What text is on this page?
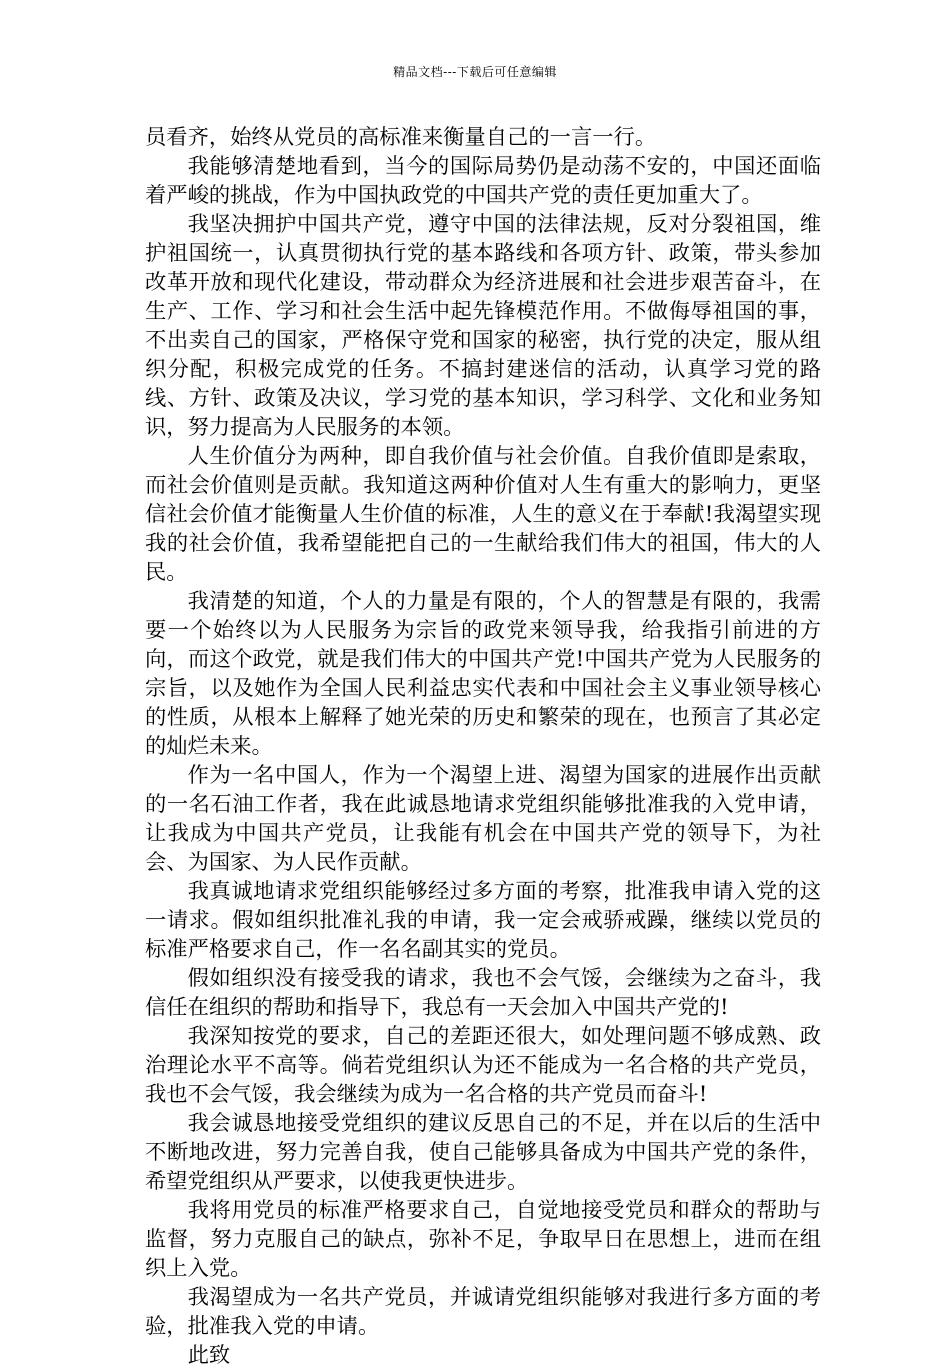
精品文档---下载后可任意编辑

员看齐，始终从党员的高标准来衡量自己的一言一行。

我能够清楚地看到，当今的国际局势仍是动荡不安的，中国还面临着严峻的挑战，作为中国执政党的中国共产党的责任更加重大了。

我坚决拥护中国共产党，遵守中国的法律法规，反对分裂祖国，维护祖国统一，认真贯彻执行党的基本路线和各项方针、政策，带头参加改革开放和现代化建设，带动群众为经济进展和社会进步艰苦奋斗，在生产、工作、学习和社会生活中起先锋模范作用。不做侮辱祖国的事，不出卖自己的国家，严格保守党和国家的秘密，执行党的决定，服从组织分配，积极完成党的任务。不搞封建迷信的活动，认真学习党的路线、方针、政策及决议，学习党的基本知识，学习科学、文化和业务知识，努力提高为人民服务的本领。

人生价值分为两种，即自我价值与社会价值。自我价值即是索取，而社会价值则是贡献。我知道这两种价值对人生有重大的影响力，更坚信社会价值才能衡量人生价值的标准，人生的意义在于奉献!我渴望实现我的社会价值，我希望能把自己的一生献给我们伟大的祖国，伟大的人民。

我清楚的知道，个人的力量是有限的，个人的智慧是有限的，我需要一个始终以为人民服务为宗旨的政党来领导我，给我指引前进的方向，而这个政党，就是我们伟大的中国共产党!中国共产党为人民服务的宗旨，以及她作为全国人民利益忠实代表和中国社会主义事业领导核心的性质，从根本上解释了她光荣的历史和繁荣的现在，也预言了其必定的灿烂未来。

作为一名中国人，作为一个渴望上进、渴望为国家的进展作出贡献的一名石油工作者，我在此诚恳地请求党组织能够批准我的入党申请，让我成为中国共产党员，让我能有机会在中国共产党的领导下，为社会、为国家、为人民作贡献。

我真诚地请求党组织能够经过多方面的考察，批准我申请入党的这一请求。假如组织批准礼我的申请，我一定会戒骄戒躁，继续以党员的标准严格要求自己，作一名名副其实的党员。

假如组织没有接受我的请求，我也不会气馁，会继续为之奋斗，我信任在组织的帮助和指导下，我总有一天会加入中国共产党的!

我深知按党的要求，自己的差距还很大，如处理问题不够成熟、政治理论水平不高等。倘若党组织认为还不能成为一名合格的共产党员，我也不会气馁，我会继续为成为一名合格的共产党员而奋斗!

我会诚恳地接受党组织的建议反思自己的不足，并在以后的生活中不断地改进，努力完善自我，使自己能够具备成为中国共产党的条件，希望党组织从严要求，以使我更快进步。

我将用党员的标准严格要求自己，自觉地接受党员和群众的帮助与监督，努力克服自己的缺点，弥补不足，争取早日在思想上，进而在组织上入党。

我渴望成为一名共产党员，并诚请党组织能够对我进行多方面的考验，批准我入党的申请。

此致
